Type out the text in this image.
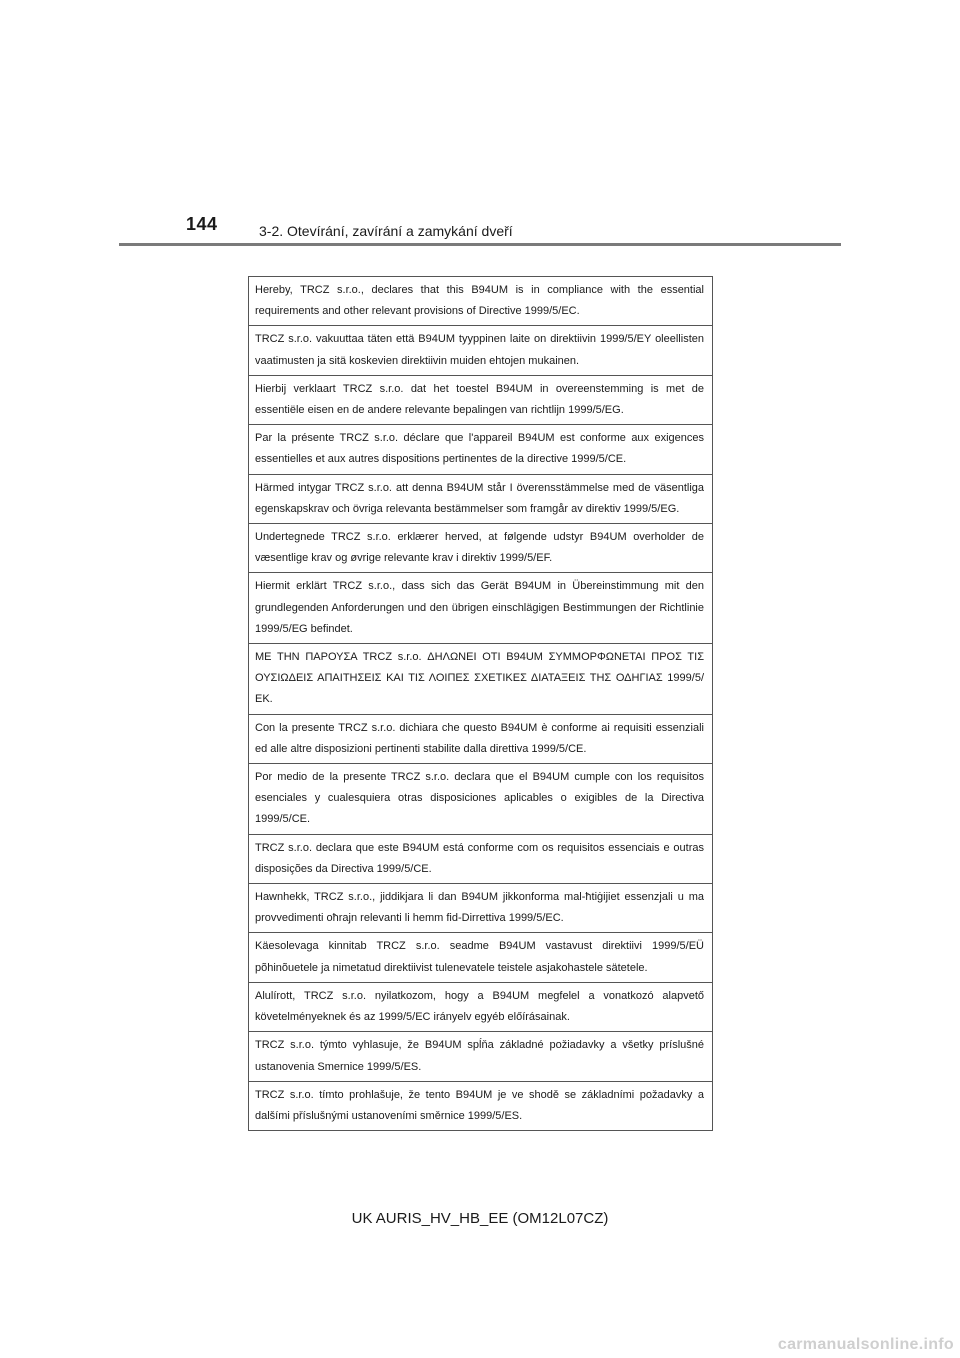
144	3-2. Otevírání, zavírání a zamykání dveří
Hereby, TRCZ s.r.o., declares that this B94UM is in compliance with the essential requirements and other relevant provisions of Directive 1999/5/EC.
TRCZ s.r.o. vakuuttaa täten että B94UM tyyppinen laite on direktiivin 1999/5/EY oleellisten vaatimusten ja sitä koskevien direktiivin muiden ehtojen mukainen.
Hierbij verklaart TRCZ s.r.o. dat het toestel B94UM in overeenstemming is met de essentiële eisen en de andere relevante bepalingen van richtlijn 1999/5/EG.
Par la présente TRCZ s.r.o. déclare que l'appareil B94UM est conforme aux exigences essentielles et aux autres dispositions pertinentes de la directive 1999/5/CE.
Härmed intygar TRCZ s.r.o. att denna B94UM står I överensstämmelse med de väsentliga egenskapskrav och övriga relevanta bestämmelser som framgår av direktiv 1999/5/EG.
Undertegnede TRCZ s.r.o. erklærer herved, at følgende udstyr B94UM overholder de væsentlige krav og øvrige relevante krav i direktiv 1999/5/EF.
Hiermit erklärt TRCZ s.r.o., dass sich das Gerät B94UM in Übereinstimmung mit den grundlegenden Anforderungen und den übrigen einschlägigen Bestimmungen der Richtlinie 1999/5/EG befindet.
ΜΕ ΤΗΝ ΠΑΡΟΥΣΑ TRCZ s.r.o. ΔΗΛΩΝΕΙ ΟΤΙ B94UM ΣΥΜΜΟΡΦΩΝΕΤΑΙ ΠΡΟΣ ΤΙΣ ΟΥΣΙΩΔΕΙΣ ΑΠΑΙΤΗΣΕΙΣ ΚΑΙ ΤΙΣ ΛΟΙΠΕΣ ΣΧΕΤΙΚΕΣ ΔΙΑΤΑΞΕΙΣ ΤΗΣ ΟΔΗΓΙΑΣ 1999/5/ΕΚ.
Con la presente TRCZ s.r.o. dichiara che questo B94UM è conforme ai requisiti essenziali ed alle altre disposizioni pertinenti stabilite dalla direttiva 1999/5/CE.
Por medio de la presente TRCZ s.r.o. declara que el B94UM cumple con los requisitos esenciales y cualesquiera otras disposiciones aplicables o exigibles de la Directiva 1999/5/CE.
TRCZ s.r.o. declara que este B94UM está conforme com os requisitos essenciais e outras disposições da Directiva 1999/5/CE.
Hawnhekk, TRCZ s.r.o., jiddikjara li dan B94UM jikkonforma mal-ħtiġijiet essenzjali u ma provvedimenti oħrajn relevanti li hemm fid-Dirrettiva 1999/5/EC.
Käesolevaga kinnitab TRCZ s.r.o. seadme B94UM vastavust direktiivi 1999/5/EÜ põhinõuetele ja nimetatud direktiivist tulenevatele teistele asjakohastele sätetele.
Alulírott, TRCZ s.r.o. nyilatkozom, hogy a B94UM megfelel a vonatkozó alapvető követelményeknek és az 1999/5/EC irányelv egyéb előírásainak.
TRCZ s.r.o. týmto vyhlasuje, že B94UM spĺňa základné požiadavky a všetky príslušné ustanovenia Smernice 1999/5/ES.
TRCZ s.r.o. tímto prohlašuje, že tento B94UM je ve shodě se základními požadavky a dalšími příslušnými ustanoveními směrnice 1999/5/ES.
UK AURIS_HV_HB_EE (OM12L07CZ)
carmanualsonline.info
